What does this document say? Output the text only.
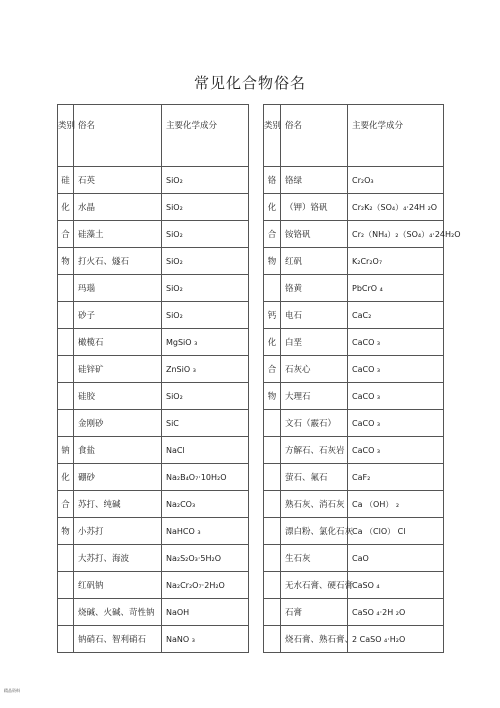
常见化合物俗名
类别	俗名	主要化学成分
硅	石英	SiO₂
化	水晶	SiO₂
合	硅藻土	SiO₂
物	打火石、燧石	SiO₂
	玛瑙	SiO₂
	砂子	SiO₂
	橄榄石	MgSiO ₃
	硅锌矿	ZnSiO ₃
	硅胶	SiO₂
	金刚砂	SiC
钠	食盐	NaCl
化	硼砂	Na₂B₄O₇·10H₂O
合	苏打、纯碱	Na₂CO₃
物	小苏打	NaHCO ₃
	大苏打、海波	Na₂S₂O₃·5H₂O
	红矾钠	Na₂Cr₂O₇·2H₂O
	烧碱、火碱、苛性钠	NaOH
	钠硝石、智利硝石	NaNO ₃
类别	俗名	主要化学成分
铬	铬绿	Cr₂O₃
化	（钾）铬矾	Cr₂K₂（SO₄）₄·24H ₂O
合	铵铬矾	Cr₂（NH₄）₂（SO₄）₄·24H₂O
物	红矾	K₂Cr₂O₇
	铬黄	PbCrO ₄
钙	电石	CaC₂
化	白垩	CaCO ₃
合	石灰心	CaCO ₃
物	大理石	CaCO ₃
	文石（霰石）	CaCO ₃
	方解石、石灰岩	CaCO ₃
	萤石、氟石	CaF₂
	熟石灰、消石灰	Ca （OH） ₂
	漂白粉、氯化石灰	Ca （ClO） Cl
	生石灰	CaO
	无水石膏、硬石膏	CaSO ₄
	石膏	CaSO ₄·2H ₂O
	烧石膏、熟石膏、	2 CaSO ₄·H₂O
精品资料
